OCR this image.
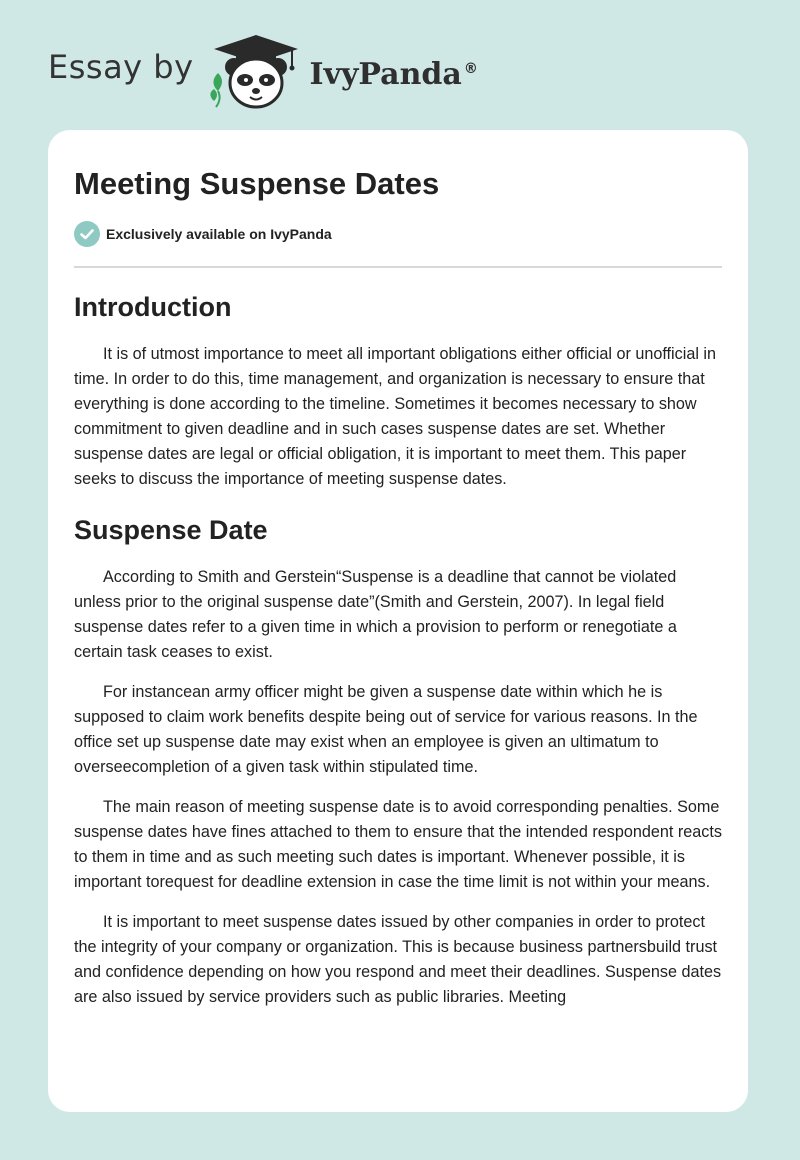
Essay by	IvyPanda ®
Meeting Suspense Dates
Exclusively available on IvyPanda
Introduction

It is of utmost importance to meet all important obligations either official or unofficial in time. In order to do this, time management, and organization is necessary to ensure that everything is done according to the timeline. Sometimes it becomes necessary to show commitment to given deadline and in such cases suspense dates are set. Whether suspense dates are legal or official obligation, it is important to meet them. This paper seeks to discuss the importance of meeting suspense dates.

Suspense Date

According to Smith and Gerstein“Suspense is a deadline that cannot be violated unless prior to the original suspense date”(Smith and Gerstein, 2007). In legal field suspense dates refer to a given time in which a provision to perform or renegotiate a certain task ceases to exist.

For instancean army officer might be given a suspense date within which he is supposed to claim work benefits despite being out of service for various reasons. In the office set up suspense date may exist when an employee is given an ultimatum to overseecompletion of a given task within stipulated time.

The main reason of meeting suspense date is to avoid corresponding penalties. Some suspense dates have fines attached to them to ensure that the intended respondent reacts to them in time and as such meeting such dates is important. Whenever possible, it is important torequest for deadline extension in case the time limit is not within your means.

It is important to meet suspense dates issued by other companies in order to protect the integrity of your company or organization. This is because business partnersbuild trust and confidence depending on how you respond and meet their deadlines. Suspense dates are also issued by service providers such as public libraries. Meeting
